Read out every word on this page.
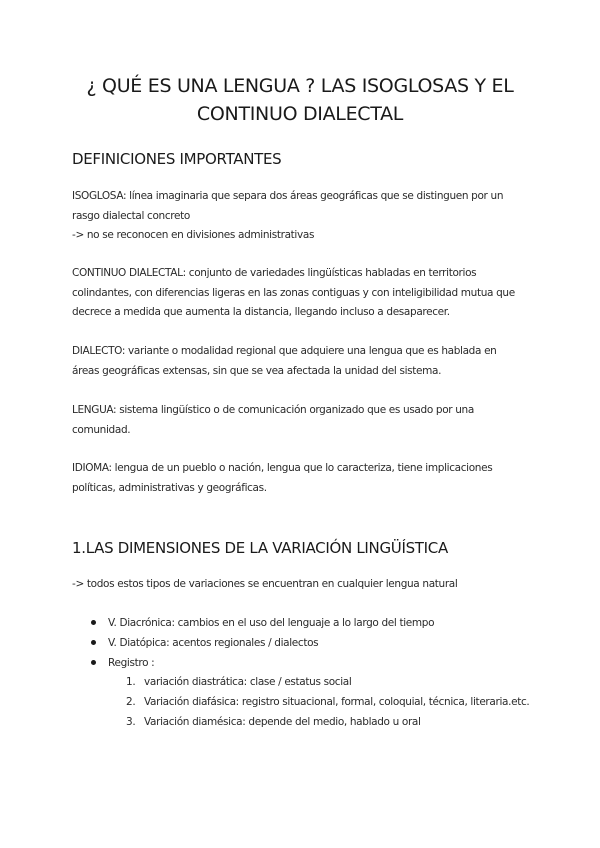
¿ QUÉ ES UNA LENGUA ? LAS ISOGLOSAS Y EL
CONTINUO DIALECTAL
DEFINICIONES IMPORTANTES

ISOGLOSA: línea imaginaria que separa dos áreas geográficas que se distinguen por un
rasgo dialectal concreto
-> no se reconocen en divisiones administrativas

CONTINUO DIALECTAL: conjunto de variedades lingüísticas habladas en territorios
colindantes, con diferencias ligeras en las zonas contiguas y con inteligibilidad mutua que
decrece a medida que aumenta la distancia, llegando incluso a desaparecer.

DIALECTO: variante o modalidad regional que adquiere una lengua que es hablada en
áreas geográficas extensas, sin que se vea afectada la unidad del sistema.

LENGUA: sistema lingüístico o de comunicación organizado que es usado por una
comunidad.

IDIOMA: lengua de un pueblo o nación, lengua que lo caracteriza, tiene implicaciones
políticas, administrativas y geográficas.

1.LAS DIMENSIONES DE LA VARIACIÓN LINGÜÍSTICA

-> todos estos tipos de variaciones se encuentran en cualquier lengua natural

V. Diacrónica: cambios en el uso del lenguaje a lo largo del tiempo
V. Diatópica: acentos regionales / dialectos
Registro :
1. variación diastrática: clase / estatus social
2. Variación diafásica: registro situacional, formal, coloquial, técnica, literaria.etc.
3. Variación diamésica: depende del medio, hablado u oral
